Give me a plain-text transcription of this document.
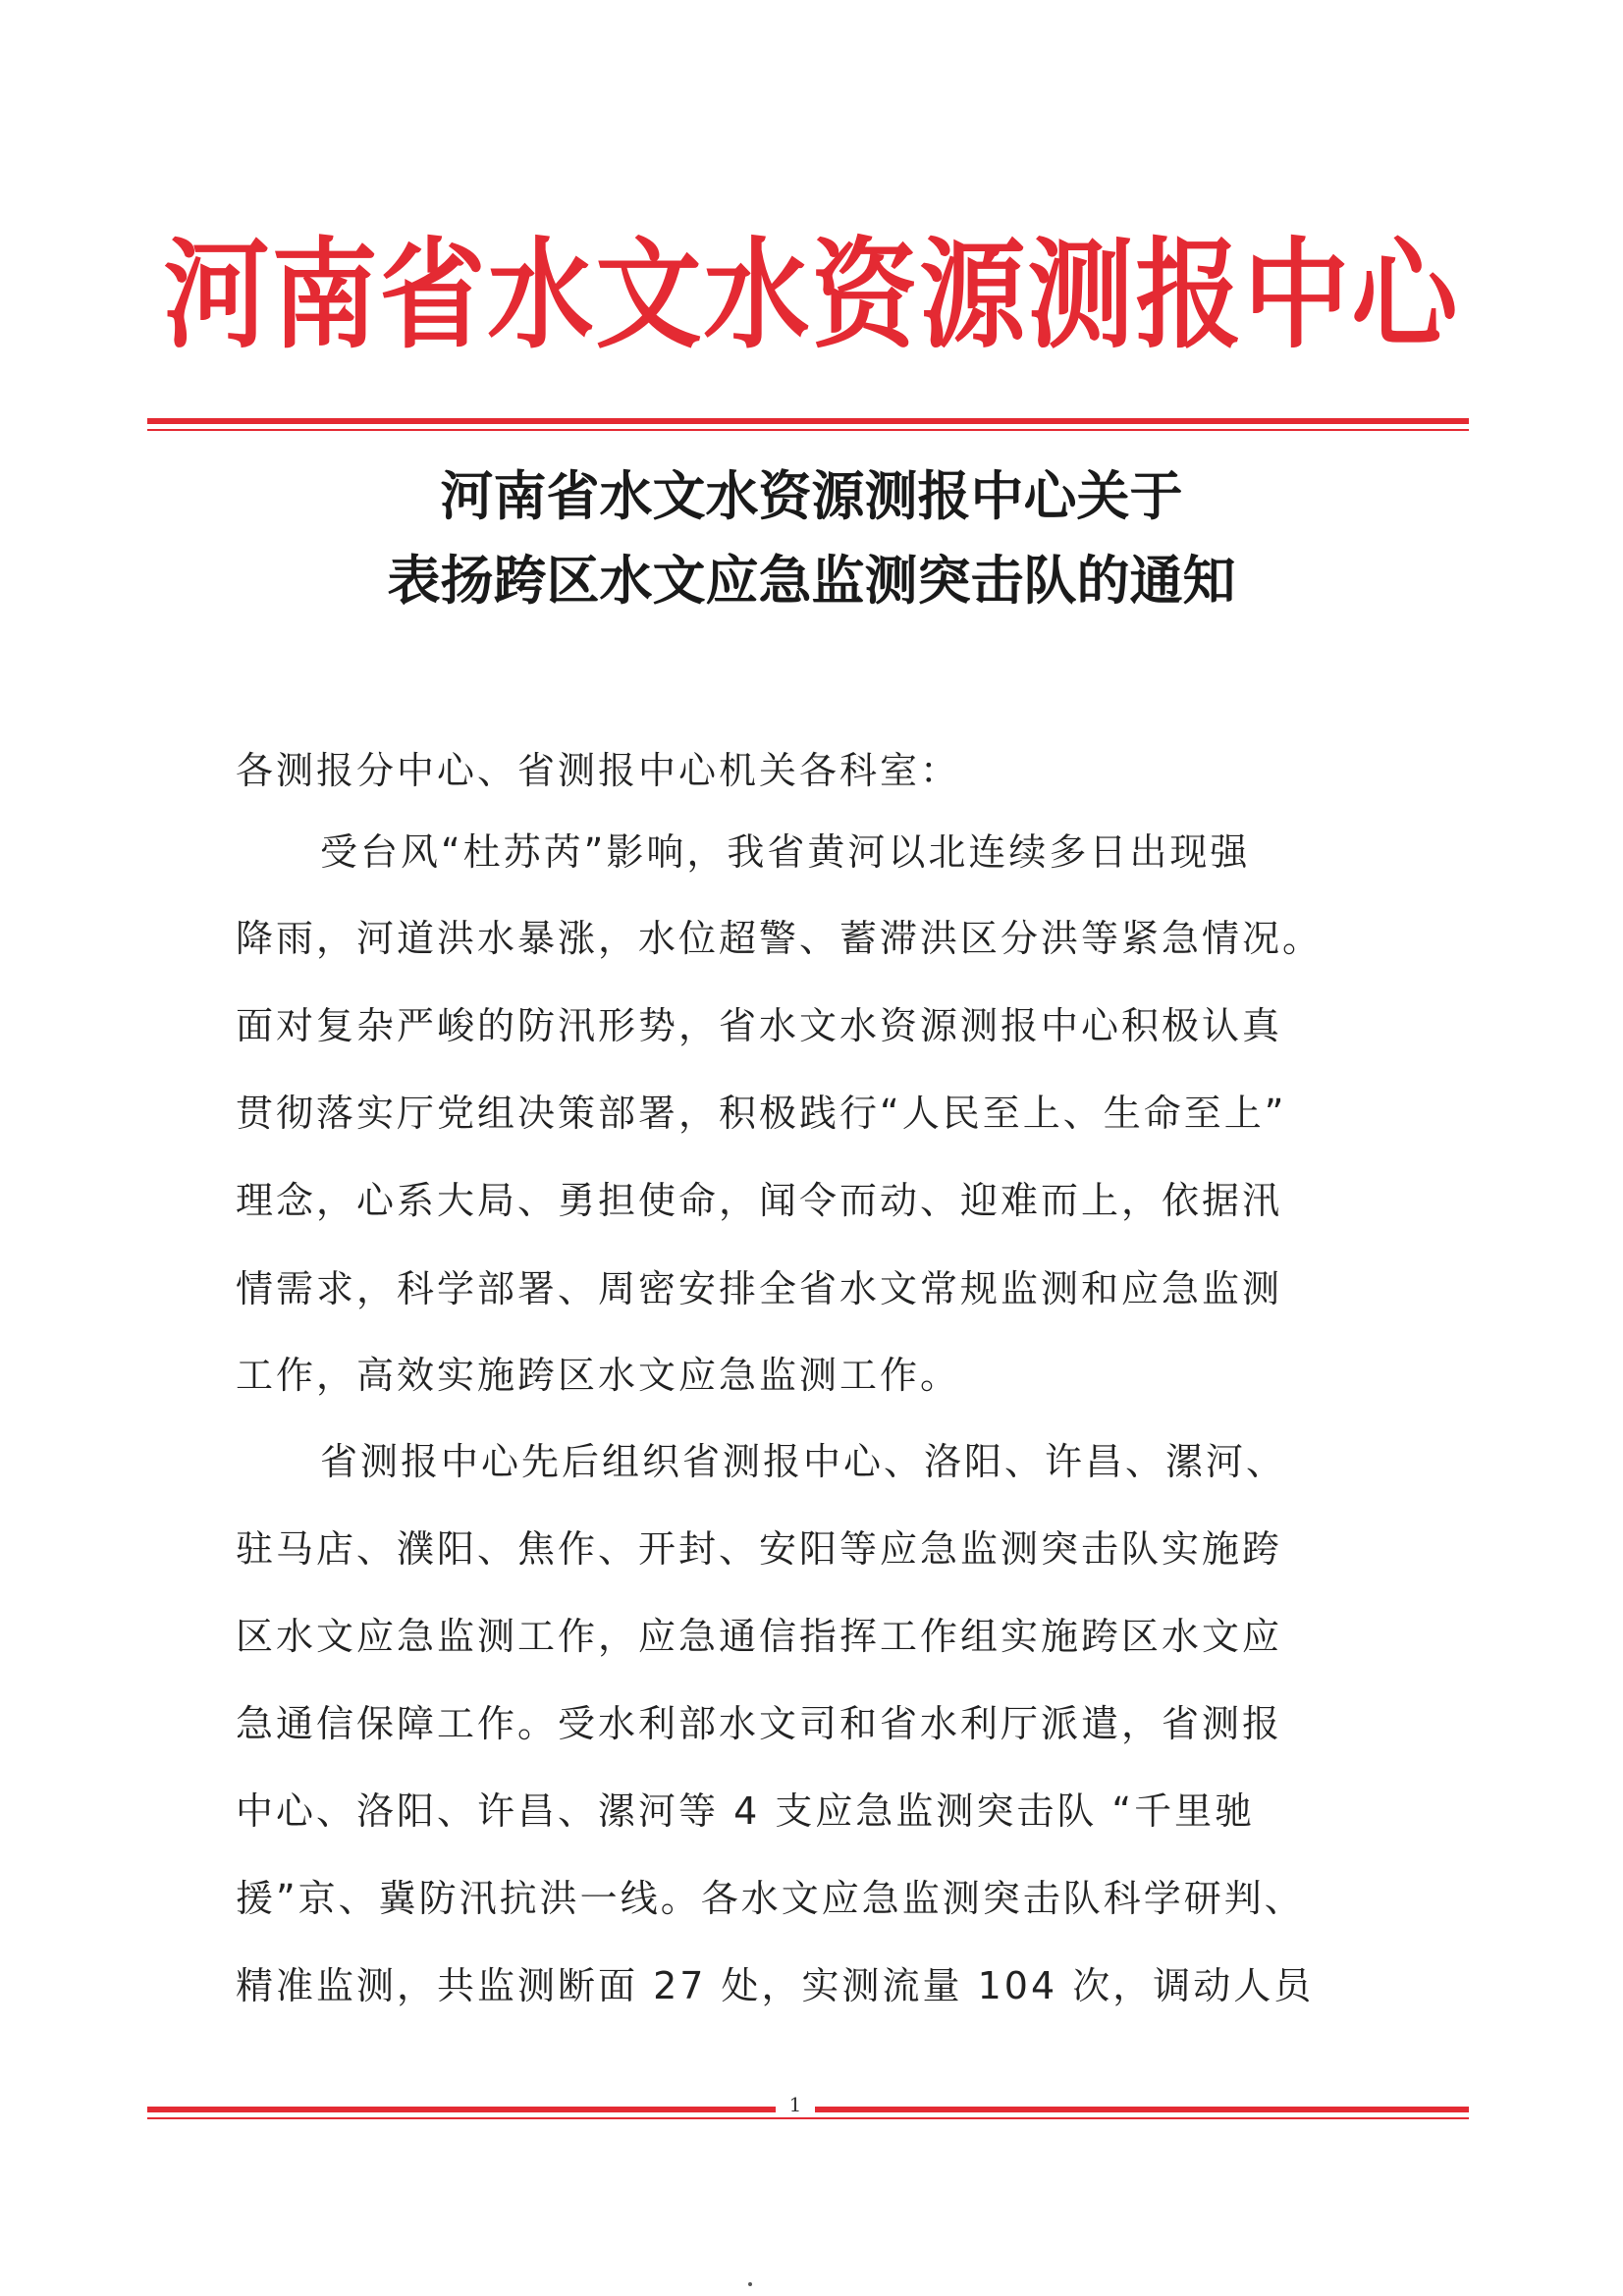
河南省水文水资源测报中心
河南省水文水资源测报中心关于
表扬跨区水文应急监测突击队的通知
各测报分中心、省测报中心机关各科室：
受台风“杜苏芮”影响，我省黄河以北连续多日出现强
降雨，河道洪水暴涨，水位超警、蓄滞洪区分洪等紧急情况。
面对复杂严峻的防汛形势，省水文水资源测报中心积极认真
贯彻落实厅党组决策部署，积极践行“人民至上、生命至上”
理念，心系大局、勇担使命，闻令而动、迎难而上，依据汛
情需求，科学部署、周密安排全省水文常规监测和应急监测
工作，高效实施跨区水文应急监测工作。
省测报中心先后组织省测报中心、洛阳、许昌、漯河、
驻马店、濮阳、焦作、开封、安阳等应急监测突击队实施跨
区水文应急监测工作，应急通信指挥工作组实施跨区水文应
急通信保障工作。受水利部水文司和省水利厅派遣，省测报
中心、洛阳、许昌、漯河等 4 支应急监测突击队 “千里驰
援”京、冀防汛抗洪一线。各水文应急监测突击队科学研判、
精准监测，共监测断面 27 处，实测流量 104 次，调动人员
1
